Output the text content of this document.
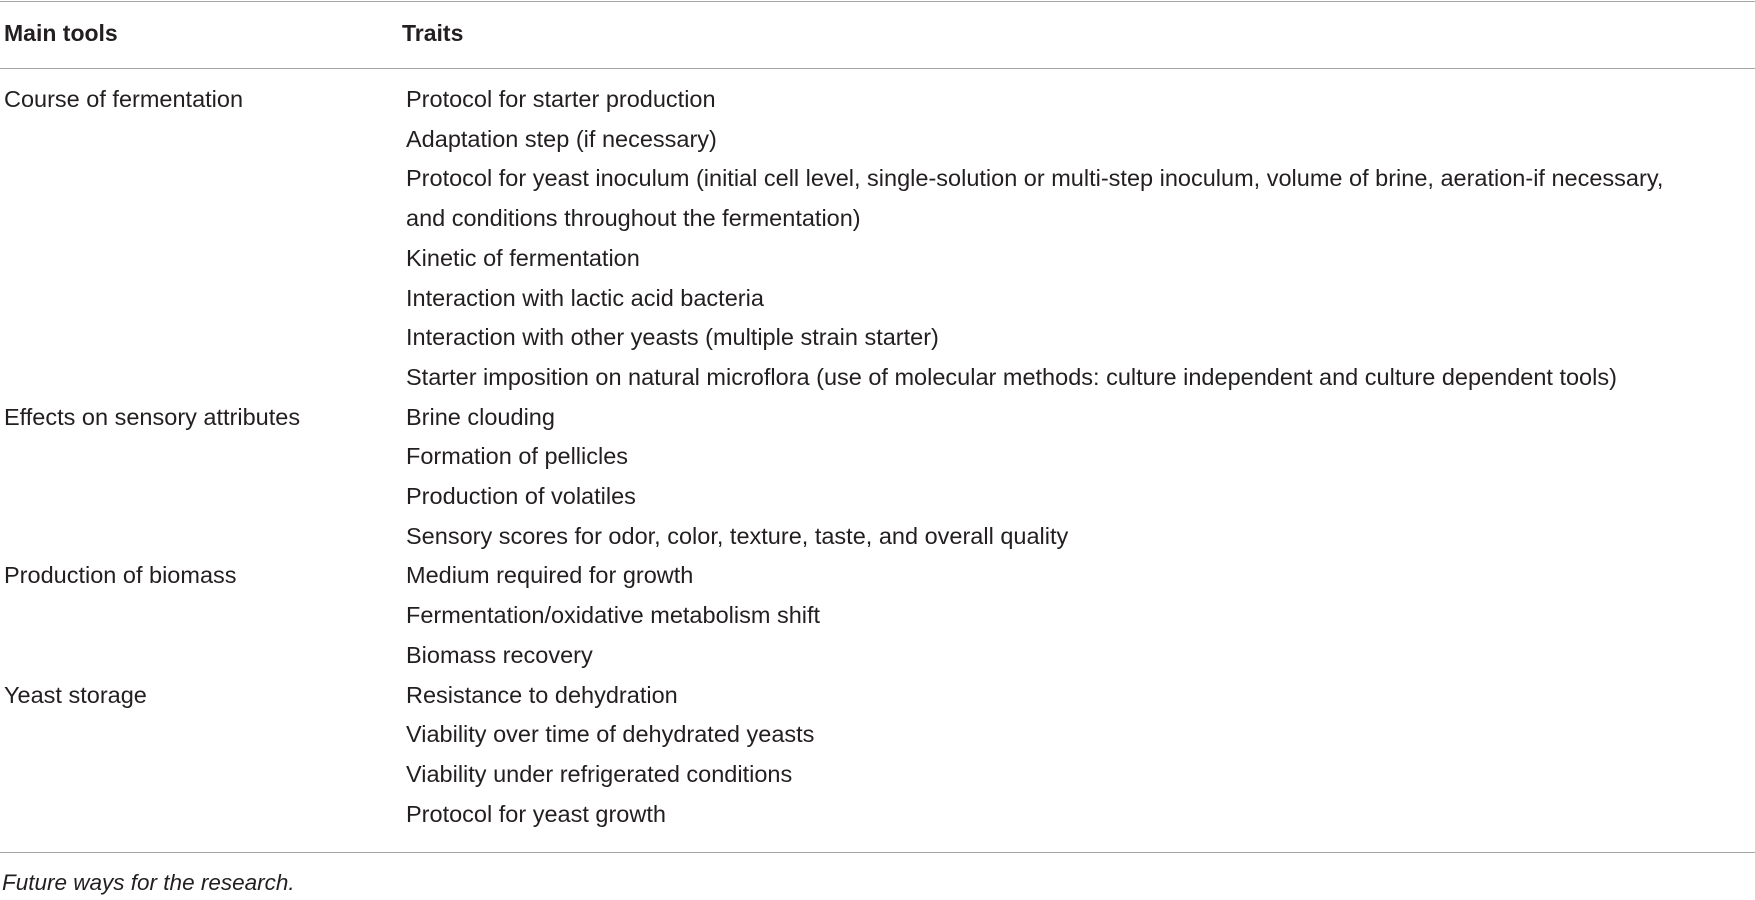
Main tools	Traits
Course of fermentation	Protocol for starter production
Adaptation step (if necessary)
Protocol for yeast inoculum (initial cell level, single-solution or multi-step inoculum, volume of brine, aeration-if necessary, and conditions throughout the fermentation)
Kinetic of fermentation
Interaction with lactic acid bacteria
Interaction with other yeasts (multiple strain starter)
Starter imposition on natural microflora (use of molecular methods: culture independent and culture dependent tools)
Effects on sensory attributes	Brine clouding
Formation of pellicles
Production of volatiles
Sensory scores for odor, color, texture, taste, and overall quality
Production of biomass	Medium required for growth
Fermentation/oxidative metabolism shift
Biomass recovery
Yeast storage	Resistance to dehydration
Viability over time of dehydrated yeasts
Viability under refrigerated conditions
Protocol for yeast growth
Future ways for the research.
